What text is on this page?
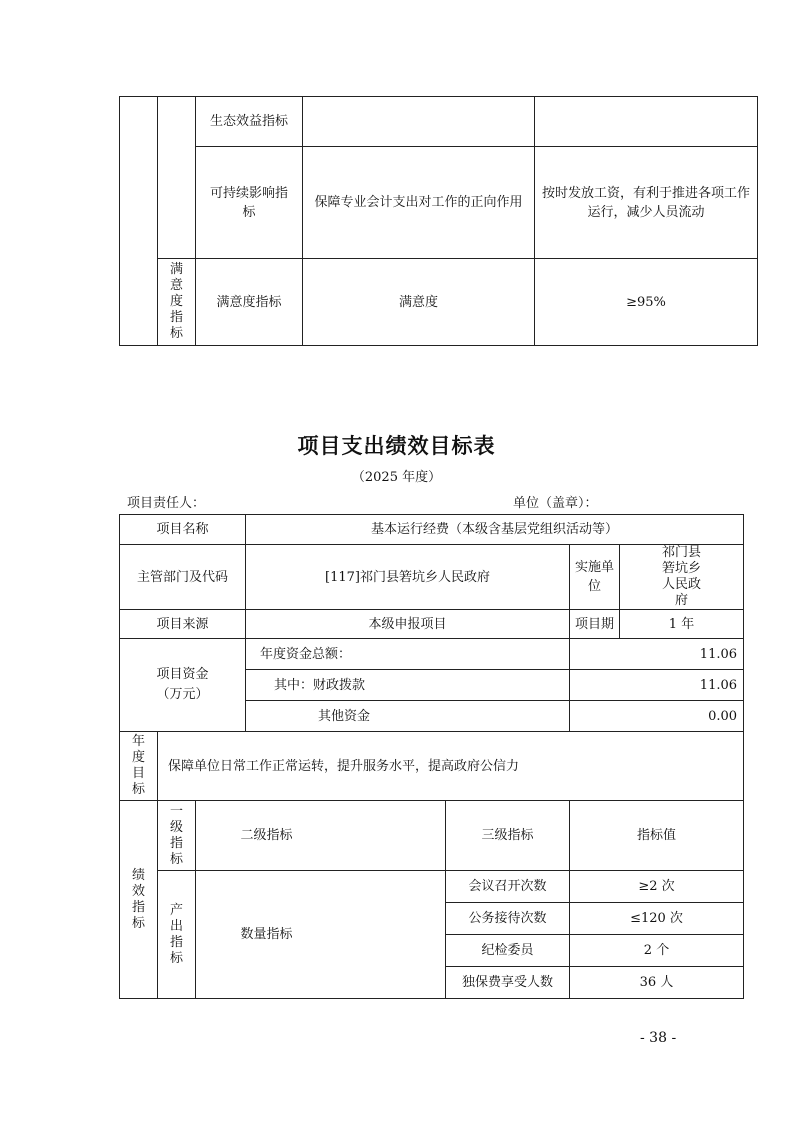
		生态效益指标		
		可持续影响指标	保障专业会计支出对工作的正向作用	按时发放工资，有利于推进各项工作运行，减少人员流动
	满
意
度
指
标	满意度指标	满意度	≥95%
项目支出绩效目标表
（2025 年度）
项目责任人：	单位（盖章）：
项目名称			基本运行经费（本级含基层党组织活动等）			
主管部门及代码			[117]祁门县箬坑乡人民政府		实施单位	祁门县
箬坑乡
人民政
府
项目来源			本级申报项目		项目期	1 年
项目资金
（万元）			年度资金总额：		11.06	
			其中：财政拨款		11.06	
			其他资金		0.00	
年
度
目
标	保障单位日常工作正常运转，提升服务水平，提高政府公信力					
绩
效
指
标	一
级
指
标	二级指标		三级指标	指标值	
	产
出
指
标	数量指标		会议召开次数	≥2 次	
				公务接待次数	≤120 次	
				纪检委员	2 个	
				独保费享受人数	36 人	
- 38 -
